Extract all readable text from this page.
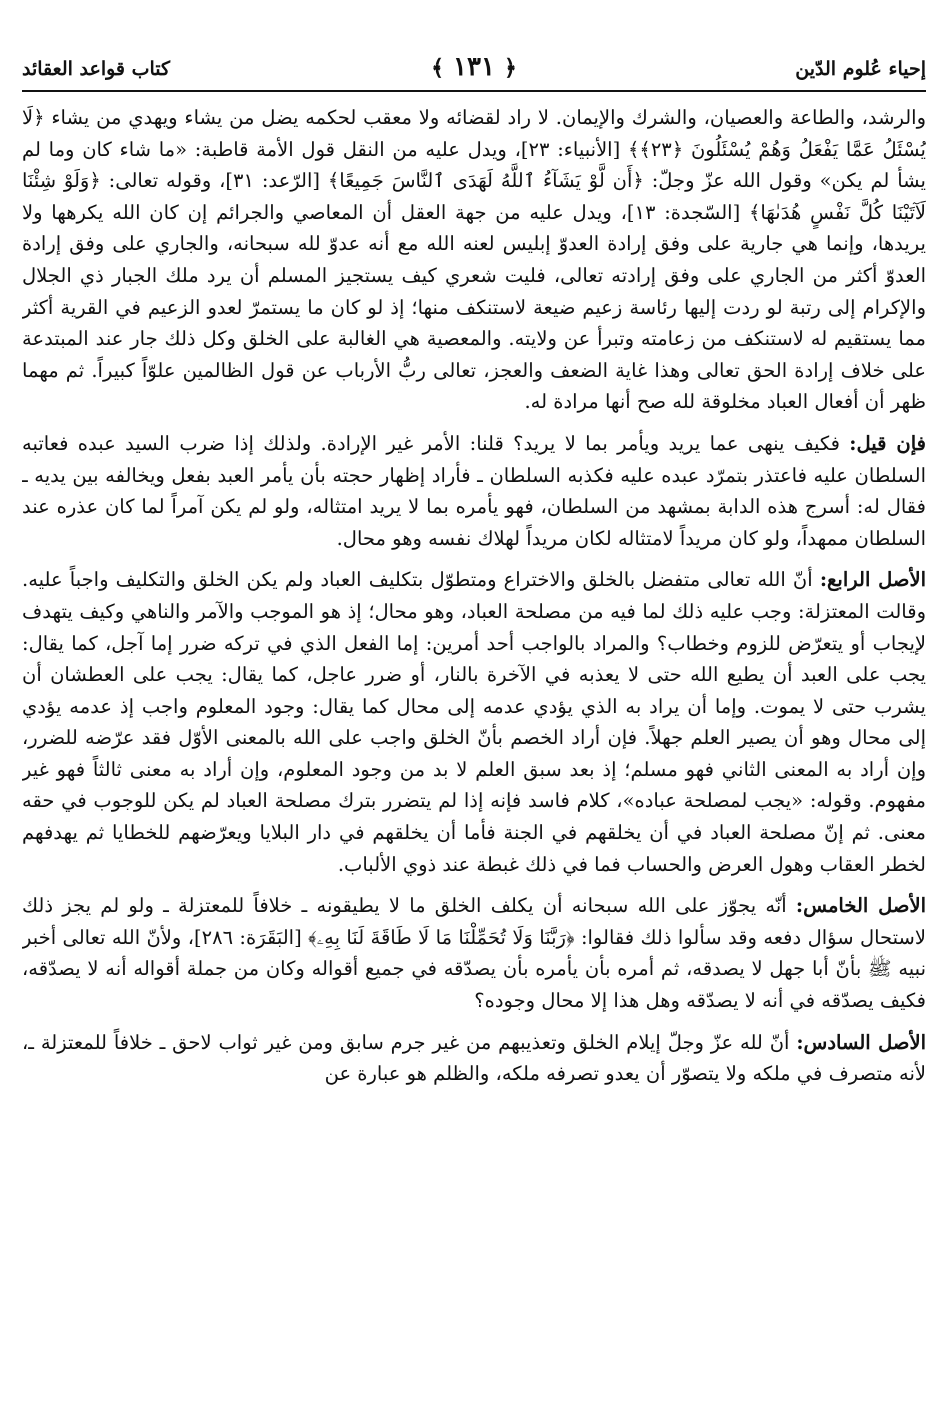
إحياء عُلوم الدّين
﴿ ١٣١ ﴾
كتاب قواعد العقائد

والرشد، والطاعة والعصيان، والشرك والإيمان. لا راد لقضائه ولا معقب لحكمه يضل من يشاء ويهدي من يشاء ﴿لَا يُسْئَلُ عَمَّا يَفْعَلُ وَهُمْ يُسْئَلُونَ ﴿٢٣﴾﴾ [الأنبياء: ٢٣]، ويدل عليه من النقل قول الأمة قاطبة: «ما شاء كان وما لم يشأ لم يكن» وقول الله عزّ وجلّ: ﴿أَن لَّوْ يَشَآءُ ٱللَّهُ لَهَدَى ٱلنَّاسَ جَمِيعًا﴾ [الرّعد: ٣١]، وقوله تعالى: ﴿وَلَوْ شِئْنَا لَآتَيْنَا كُلَّ نَفْسٍ هُدَىٰهَا﴾ [السّجدة: ١٣]، ويدل عليه من جهة العقل أن المعاصي والجرائم إن كان الله يكرهها ولا يريدها، وإنما هي جارية على وفق إرادة العدوّ إبليس لعنه الله مع أنه عدوّ لله سبحانه، والجاري على وفق إرادة العدوّ أكثر من الجاري على وفق إرادته تعالى، فليت شعري كيف يستجيز المسلم أن يرد ملك الجبار ذي الجلال والإكرام إلى رتبة لو ردت إليها رئاسة زعيم ضيعة لاستنكف منها؛ إذ لو كان ما يستمرّ لعدو الزعيم في القرية أكثر مما يستقيم له لاستنكف من زعامته وتبرأ عن ولايته. والمعصية هي الغالبة على الخلق وكل ذلك جار عند المبتدعة على خلاف إرادة الحق تعالى وهذا غاية الضعف والعجز، تعالى ربُّ الأرباب عن قول الظالمين علوّاً كبيراً. ثم مهما ظهر أن أفعال العباد مخلوقة لله صح أنها مرادة له.

فإن قيل: فكيف ينهى عما يريد ويأمر بما لا يريد؟ قلنا: الأمر غير الإرادة. ولذلك إذا ضرب السيد عبده فعاتبه السلطان عليه فاعتذر بتمرّد عبده عليه فكذبه السلطان ـ فأراد إظهار حجته بأن يأمر العبد بفعل ويخالفه بين يديه ـ فقال له: أسرج هذه الدابة بمشهد من السلطان، فهو يأمره بما لا يريد امتثاله، ولو لم يكن آمراً لما كان عذره عند السلطان ممهداً، ولو كان مريداً لامتثاله لكان مريداً لهلاك نفسه وهو محال.

الأصل الرابع: أنّ الله تعالى متفضل بالخلق والاختراع ومتطوّل بتكليف العباد ولم يكن الخلق والتكليف واجباً عليه. وقالت المعتزلة: وجب عليه ذلك لما فيه من مصلحة العباد، وهو محال؛ إذ هو الموجب والآمر والناهي وكيف يتهدف لإيجاب أو يتعرّض للزوم وخطاب؟ والمراد بالواجب أحد أمرين: إما الفعل الذي في تركه ضرر إما آجل، كما يقال: يجب على العبد أن يطيع الله حتى لا يعذبه في الآخرة بالنار، أو ضرر عاجل، كما يقال: يجب على العطشان أن يشرب حتى لا يموت. وإما أن يراد به الذي يؤدي عدمه إلى محال كما يقال: وجود المعلوم واجب إذ عدمه يؤدي إلى محال وهو أن يصير العلم جهلاً. فإن أراد الخصم بأنّ الخلق واجب على الله بالمعنى الأوّل فقد عرّضه للضرر، وإن أراد به المعنى الثاني فهو مسلم؛ إذ بعد سبق العلم لا بد من وجود المعلوم، وإن أراد به معنى ثالثاً فهو غير مفهوم. وقوله: «يجب لمصلحة عباده»، كلام فاسد فإنه إذا لم يتضرر بترك مصلحة العباد لم يكن للوجوب في حقه معنى. ثم إنّ مصلحة العباد في أن يخلقهم في الجنة فأما أن يخلقهم في دار البلايا ويعرّضهم للخطايا ثم يهدفهم لخطر العقاب وهول العرض والحساب فما في ذلك غبطة عند ذوي الألباب.

الأصل الخامس: أنّه يجوّز على الله سبحانه أن يكلف الخلق ما لا يطيقونه ـ خلافاً للمعتزلة ـ ولو لم يجز ذلك لاستحال سؤال دفعه وقد سألوا ذلك فقالوا: ﴿رَبَّنَا وَلَا تُحَمِّلْنَا مَا لَا طَاقَةَ لَنَا بِهِۦ﴾ [البَقَرَة: ٢٨٦]، ولأنّ الله تعالى أخبر نبيه ﷺ بأنّ أبا جهل لا يصدقه، ثم أمره بأن يأمره بأن يصدّقه في جميع أقواله وكان من جملة أقواله أنه لا يصدّقه، فكيف يصدّقه في أنه لا يصدّقه وهل هذا إلا محال وجوده؟

الأصل السادس: أنّ لله عزّ وجلّ إيلام الخلق وتعذيبهم من غير جرم سابق ومن غير ثواب لاحق ـ خلافاً للمعتزلة ـ، لأنه متصرف في ملكه ولا يتصوّر أن يعدو تصرفه ملكه، والظلم هو عبارة عن
